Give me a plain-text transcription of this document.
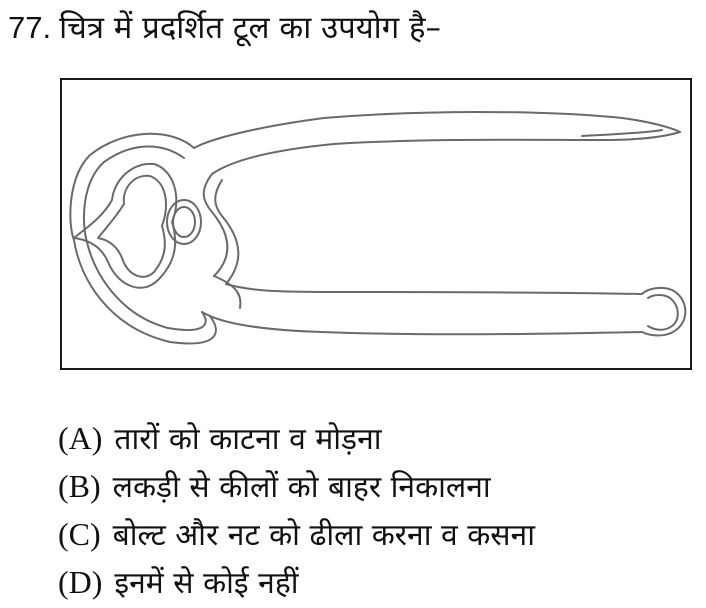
77. चित्र में प्रदर्शित टूल का उपयोग है–
(A) तारों को काटना व मोड़ना
(B) लकड़ी से कीलों को बाहर निकालना
(C) बोल्ट और नट को ढीला करना व कसना
(D) इनमें से कोई नहीं
